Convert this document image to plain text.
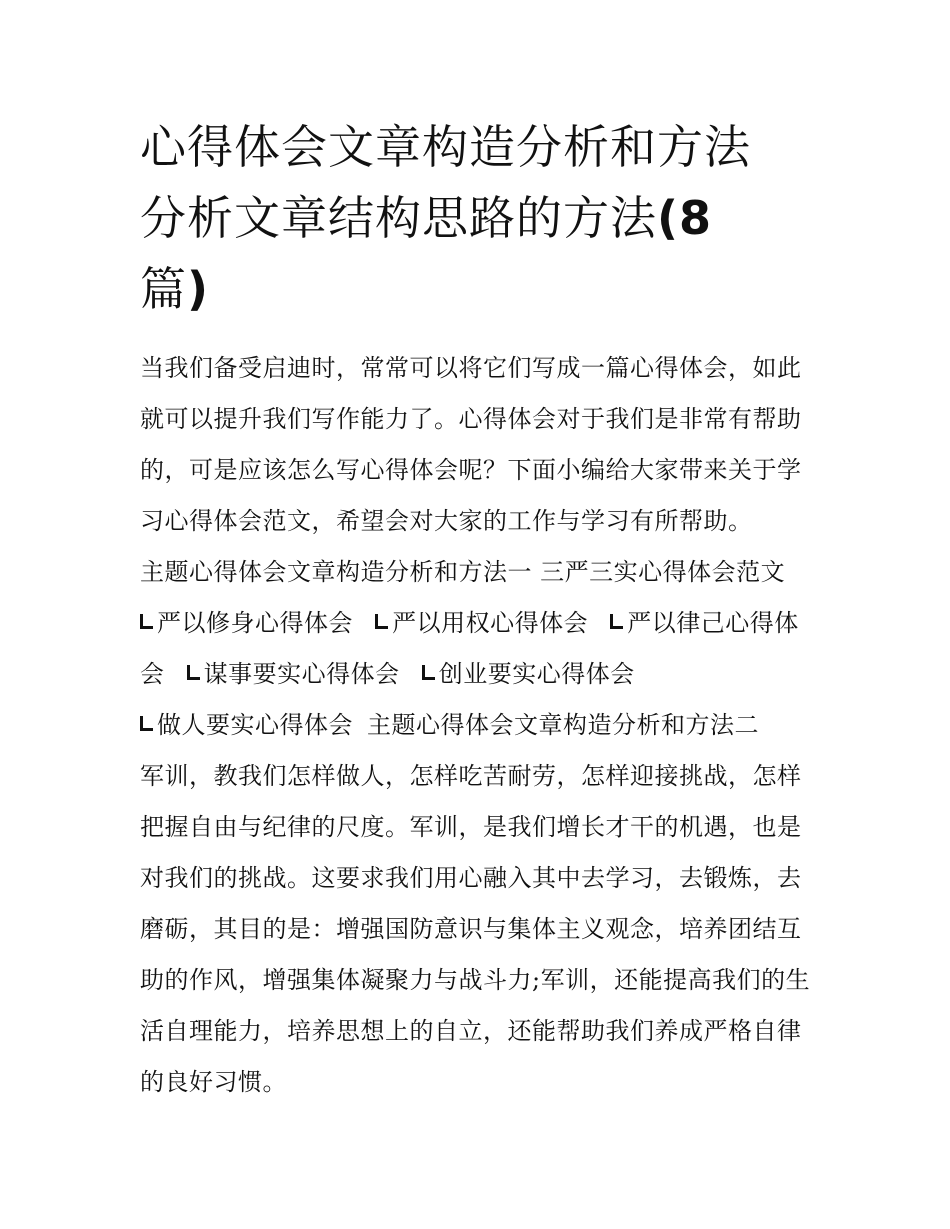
心得体会文章构造分析和方法
分析文章结构思路的方法(8
篇)

当我们备受启迪时，常常可以将它们写成一篇心得体会，如此就可以提升我们写作能力了。心得体会对于我们是非常有帮助的，可是应该怎么写心得体会呢？下面小编给大家带来关于学习心得体会范文，希望会对大家的工作与学习有所帮助。

主题心得体会文章构造分析和方法一 三严三实心得体会范文

严以修身心得体会 严以用权心得体会 严以律己心得体会 谋事要实心得体会 创业要实心得体会

做人要实心得体会 主题心得体会文章构造分析和方法二

军训，教我们怎样做人，怎样吃苦耐劳，怎样迎接挑战，怎样把握自由与纪律的尺度。军训，是我们增长才干的机遇，也是对我们的挑战。这要求我们用心融入其中去学习，去锻炼，去磨砺，其目的是：增强国防意识与集体主义观念，培养团结互助的作风，增强集体凝聚力与战斗力;军训，还能提高我们的生活自理能力，培养思想上的自立，还能帮助我们养成严格自律的良好习惯。
